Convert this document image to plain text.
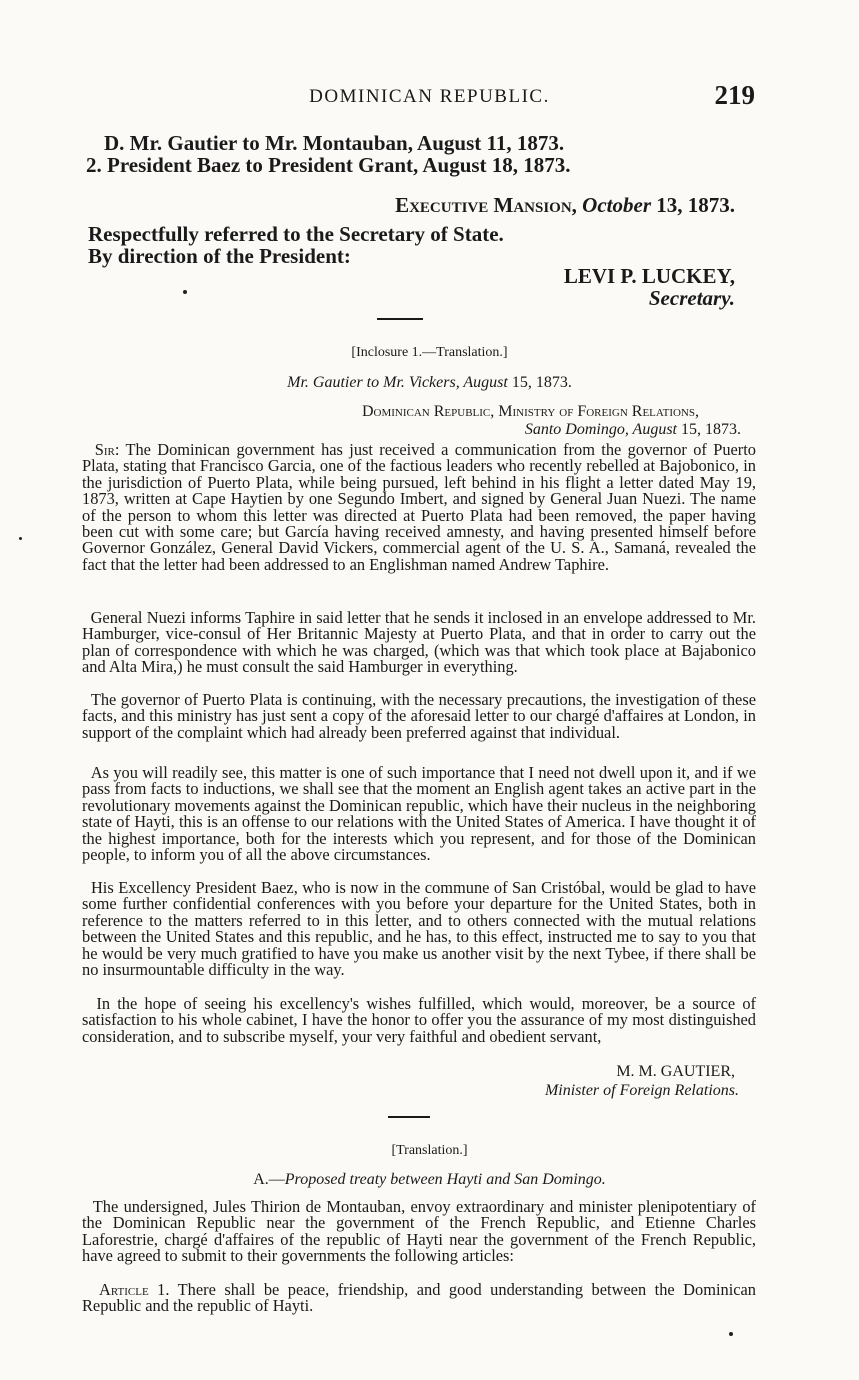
DOMINICAN REPUBLIC.	219
D. Mr. Gautier to Mr. Montauban, August 11, 1873.
2. President Baez to President Grant, August 18, 1873.
Executive Mansion, October 13, 1873.
Respectfully referred to the Secretary of State.
By direction of the President:
LEVI P. LUCKEY,
Secretary.
[Inclosure 1.—Translation.]
Mr. Gautier to Mr. Vickers, August 15, 1873.
Dominican Republic, Ministry of Foreign Relations,
Santo Domingo, August 15, 1873.

Sir: The Dominican government has just received a communication from the governor of Puerto Plata, stating that Francisco Garcia, one of the factious leaders who recently rebelled at Bajobonico, in the jurisdiction of Puerto Plata, while being pursued, left behind in his flight a letter dated May 19, 1873, written at Cape Haytien by one Segundo Imbert, and signed by General Juan Nuezi. The name of the person to whom this letter was directed at Puerto Plata had been removed, the paper having been cut with some care; but García having received amnesty, and having presented himself before Governor González, General David Vickers, commercial agent of the U. S. A., Samaná, revealed the fact that the letter had been addressed to an Englishman named Andrew Taphire.

General Nuezi informs Taphire in said letter that he sends it inclosed in an envelope addressed to Mr. Hamburger, vice-consul of Her Britannic Majesty at Puerto Plata, and that in order to carry out the plan of correspondence with which he was charged, (which was that which took place at Bajabonico and Alta Mira,) he must consult the said Hamburger in everything.

The governor of Puerto Plata is continuing, with the necessary precautions, the investigation of these facts, and this ministry has just sent a copy of the aforesaid letter to our chargé d'affaires at London, in support of the complaint which had already been preferred against that individual.

As you will readily see, this matter is one of such importance that I need not dwell upon it, and if we pass from facts to inductions, we shall see that the moment an English agent takes an active part in the revolutionary movements against the Dominican republic, which have their nucleus in the neighboring state of Hayti, this is an offense to our relations with the United States of America. I have thought it of the highest importance, both for the interests which you represent, and for those of the Dominican people, to inform you of all the above circumstances.

His Excellency President Baez, who is now in the commune of San Cristóbal, would be glad to have some further confidential conferences with you before your departure for the United States, both in reference to the matters referred to in this letter, and to others connected with the mutual relations between the United States and this republic, and he has, to this effect, instructed me to say to you that he would be very much gratified to have you make us another visit by the next Tybee, if there shall be no insurmountable difficulty in the way.

In the hope of seeing his excellency's wishes fulfilled, which would, moreover, be a source of satisfaction to his whole cabinet, I have the honor to offer you the assurance of my most distinguished consideration, and to subscribe myself, your very faithful and obedient servant,

M. M. GAUTIER,
Minister of Foreign Relations.
[Translation.]
A.—Proposed treaty between Hayti and San Domingo.

The undersigned, Jules Thirion de Montauban, envoy extraordinary and minister plenipotentiary of the Dominican Republic near the government of the French Republic, and Etienne Charles Laforestrie, chargé d'affaires of the republic of Hayti near the government of the French Republic, have agreed to submit to their governments the following articles:

Article 1. There shall be peace, friendship, and good understanding between the Dominican Republic and the republic of Hayti.
